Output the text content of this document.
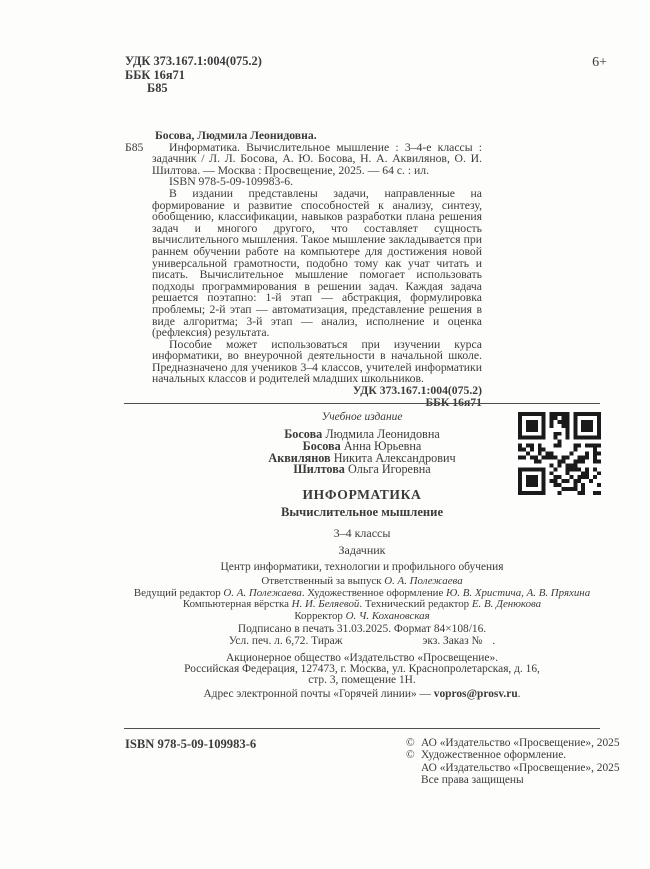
УДК 373.167.1:004(075.2)
ББК 16я71
Б85
6+
Босова, Людмила Леонидовна.
Б85 Информатика. Вычислительное мышление : 3–4-е классы : задачник / Л. Л. Босова, А. Ю. Босова, Н. А. Аквилянов, О. И. Шилтова. — Москва : Просвещение, 2025. — 64 с. : ил.
ISBN 978-5-09-109983-6.
В издании представлены задачи, направленные на формирование и развитие способностей к анализу, синтезу, обобщению, классификации, навыков разработки плана решения задач и многого другого, что составляет сущность вычислительного мышления. Такое мышление закладывается при раннем обучении работе на компьютере для достижения новой универсальной грамотности, подобно тому как учат читать и писать. Вычислительное мышление помогает использовать подходы программирования в решении задач. Каждая задача решается поэтапно: 1-й этап — абстракция, формулировка проблемы; 2-й этап — автоматизация, представление решения в виде алгоритма; 3-й этап — анализ, исполнение и оценка (рефлексия) результата.
Пособие может использоваться при изучении курса информатики, во внеурочной деятельности в начальной школе. Предназначено для учеников 3–4 классов, учителей информатики начальных классов и родителей младших школьников.
УДК 373.167.1:004(075.2)
ББК 16я71
Учебное издание
Босова Людмила Леонидовна
Босова Анна Юрьевна
Аквилянов Никита Александрович
Шилтова Ольга Игоревна
ИНФОРМАТИКА
Вычислительное мышление
3–4 классы
Задачник
Центр информатики, технологии и профильного обучения
Ответственный за выпуск О. А. Полежаева
Ведущий редактор О. А. Полежаева. Художественное оформление Ю. В. Христича, А. В. Пряхина
Компьютерная вёрстка Н. И. Беляевой. Технический редактор Е. В. Денюкова
Корректор О. Ч. Кохановская
Подписано в печать 31.03.2025. Формат 84×108/16.
Усл. печ. л. 6,72. Тираж	экз. Заказ № .
Акционерное общество «Издательство «Просвещение».
Российская Федерация, 127473, г. Москва, ул. Краснопролетарская, д. 16,
стр. 3, помещение 1Н.
Адрес электронной почты «Горячей линии» — vopros@prosv.ru.
ISBN 978-5-09-109983-6	© АО «Издательство «Просвещение», 2025
© Художественное оформление.
АО «Издательство «Просвещение», 2025
Все права защищены
